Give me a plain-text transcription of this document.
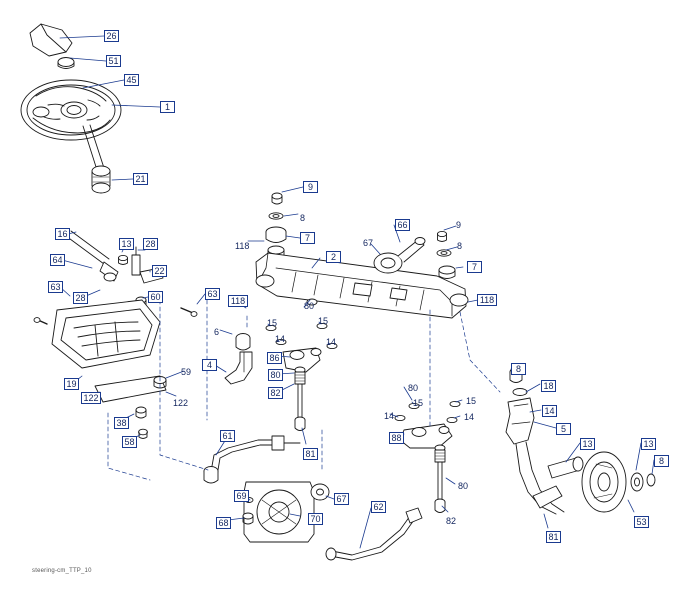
26
51
45
1
21
9
7
16
13 28
64
22
63
28	60	63
118
2
66
7
118
4
86
80
82
19
122
38
58
61
69
68	70
67
62
88
8
18
14
5
13	13
8
53
81
81
8
118	67
9
8
80
15
14
15
14
6
59
122
80
15	15
14	14
80
82
steering-cm_TTP_10
